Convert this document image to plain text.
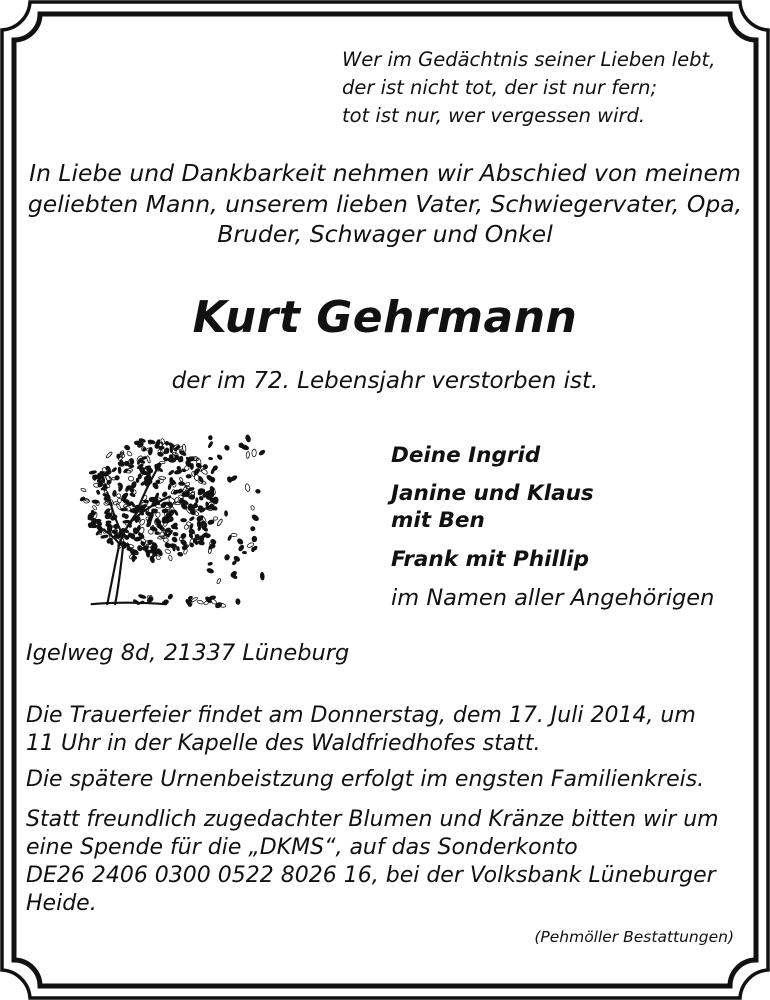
Wer im Gedächtnis seiner Lieben lebt,
der ist nicht tot, der ist nur fern;
tot ist nur, wer vergessen wird.
In Liebe und Dankbarkeit nehmen wir Abschied von meinem
geliebten Mann, unserem lieben Vater, Schwiegervater, Opa,
Bruder, Schwager und Onkel
Kurt Gehrmann
der im 72. Lebensjahr verstorben ist.
Deine Ingrid
Janine und Klaus
mit Ben
Frank mit Phillip
im Namen aller Angehörigen
Igelweg 8d, 21337 Lüneburg
Die Trauerfeier findet am Donnerstag, dem 17. Juli 2014, um
11 Uhr in der Kapelle des Waldfriedhofes statt.
Die spätere Urnenbeistzung erfolgt im engsten Familienkreis.
Statt freundlich zugedachter Blumen und Kränze bitten wir um
eine Spende für die „DKMS“, auf das Sonderkonto
DE26 2406 0300 0522 8026 16, bei der Volksbank Lüneburger
Heide.
(Pehmöller Bestattungen)
